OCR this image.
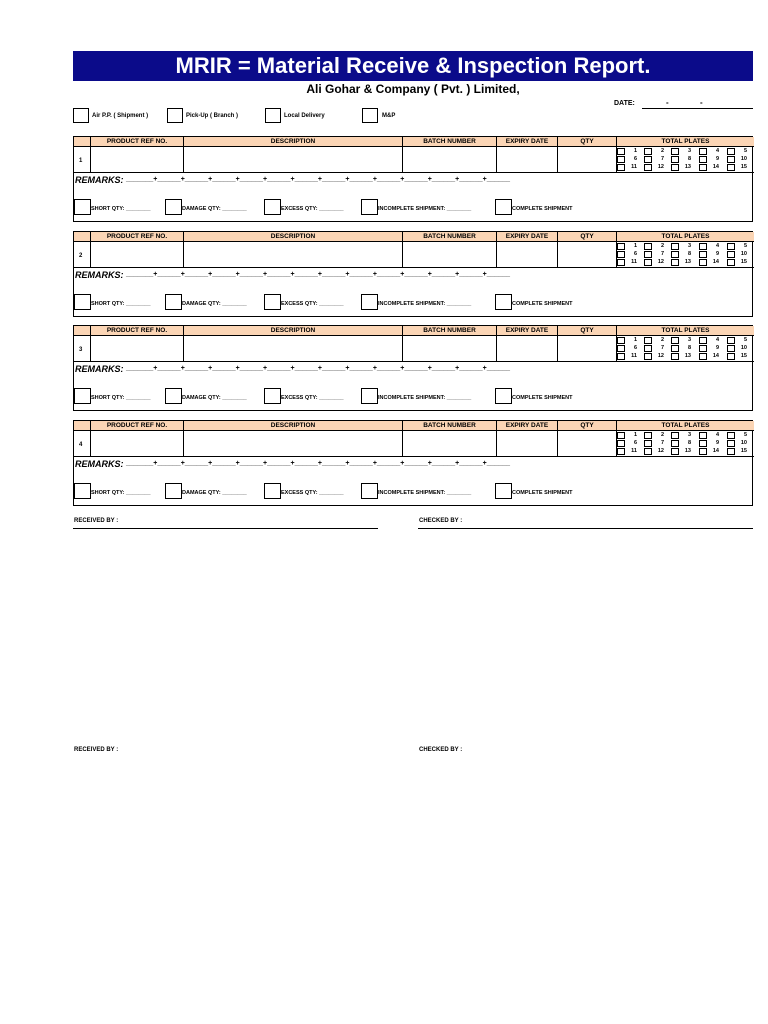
MRIR = Material Receive & Inspection Report.
Ali Gohar & Company ( Pvt. ) Limited,
DATE:	-	-
Air P.P. ( Shipment )	Pick-Up ( Branch )	Local Delivery	M&P
PRODUCT REF NO.	DESCRIPTION	BATCH NUMBER	EXPIRY DATE	QTY	TOTAL PLATES
1
1	2	3	4	5
6	7	8	9	10
11	12	13	14	15
REMARKS: _______+______+______+______+______+______+______+______+______+______+______+______+______+______
SHORT QTY: ________	DAMAGE QTY: ________	EXCESS QTY: ________	INCOMPLETE SHIPMENT: ________	COMPLETE SHIPMENT
PRODUCT REF NO.	DESCRIPTION	BATCH NUMBER	EXPIRY DATE	QTY	TOTAL PLATES
2
1	2	3	4	5
6	7	8	9	10
11	12	13	14	15
REMARKS: _______+______+______+______+______+______+______+______+______+______+______+______+______+______
SHORT QTY: ________	DAMAGE QTY: ________	EXCESS QTY: ________	INCOMPLETE SHIPMENT: ________	COMPLETE SHIPMENT
PRODUCT REF NO.	DESCRIPTION	BATCH NUMBER	EXPIRY DATE	QTY	TOTAL PLATES
3
1	2	3	4	5
6	7	8	9	10
11	12	13	14	15
REMARKS: _______+______+______+______+______+______+______+______+______+______+______+______+______+______
SHORT QTY: ________	DAMAGE QTY: ________	EXCESS QTY: ________	INCOMPLETE SHIPMENT: ________	COMPLETE SHIPMENT
PRODUCT REF NO.	DESCRIPTION	BATCH NUMBER	EXPIRY DATE	QTY	TOTAL PLATES
4
1	2	3	4	5
6	7	8	9	10
11	12	13	14	15
REMARKS: _______+______+______+______+______+______+______+______+______+______+______+______+______+______
SHORT QTY: ________	DAMAGE QTY: ________	EXCESS QTY: ________	INCOMPLETE SHIPMENT: ________	COMPLETE SHIPMENT
RECEIVED BY :	CHECKED BY :
RECEIVED BY :	CHECKED BY :
